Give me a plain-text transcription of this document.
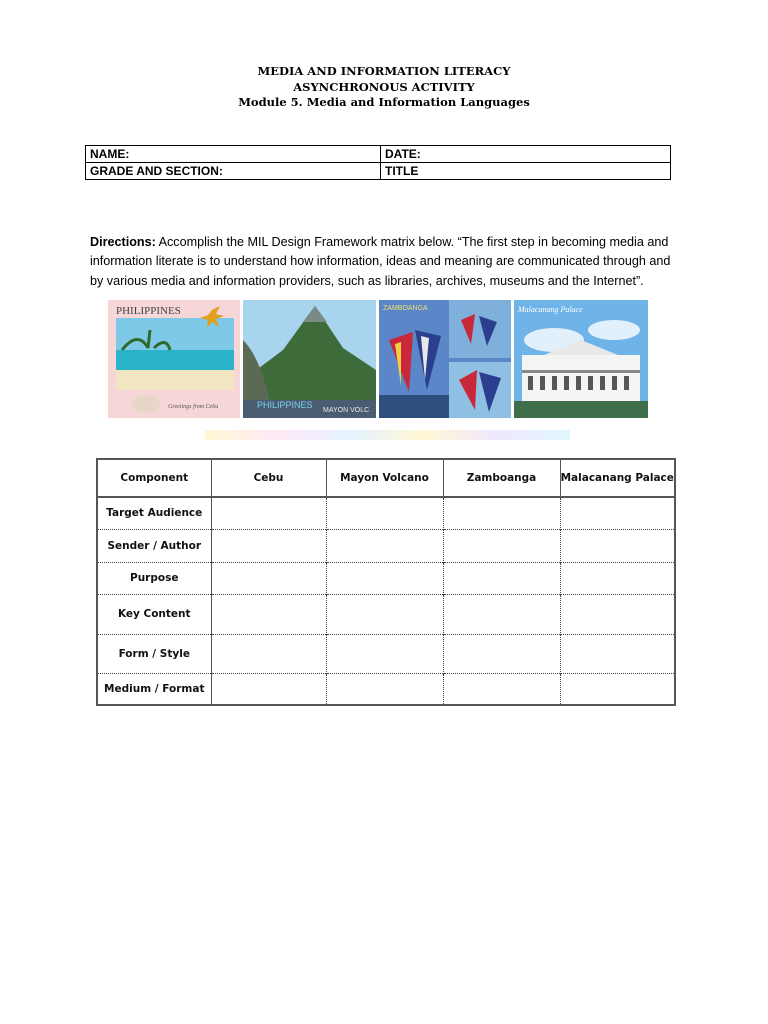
MEDIA AND INFORMATION LITERACY
ASYNCHRONOUS ACTIVITY
Module 5. Media and Information Languages
NAME:	DATE:
GRADE AND SECTION:	TITLE

Directions: Accomplish the MIL Design Framework matrix below. “The first step in becoming media and information literate is to understand how information, ideas and meaning are communicated through and by various media and information providers, such as libraries, archives, museums and the Internet”.

PHILIPPINES
Greetings from Cebu	PHILIPPINES
MAYON VOLC
ZAMBOANGA	Malacanang Palace
Component	Cebu	Mayon Volcano	Zamboanga	Malacanang Palace
Target Audience				
Sender / Author				
Purpose				
Key Content				
Form / Style				
Medium / Format				
